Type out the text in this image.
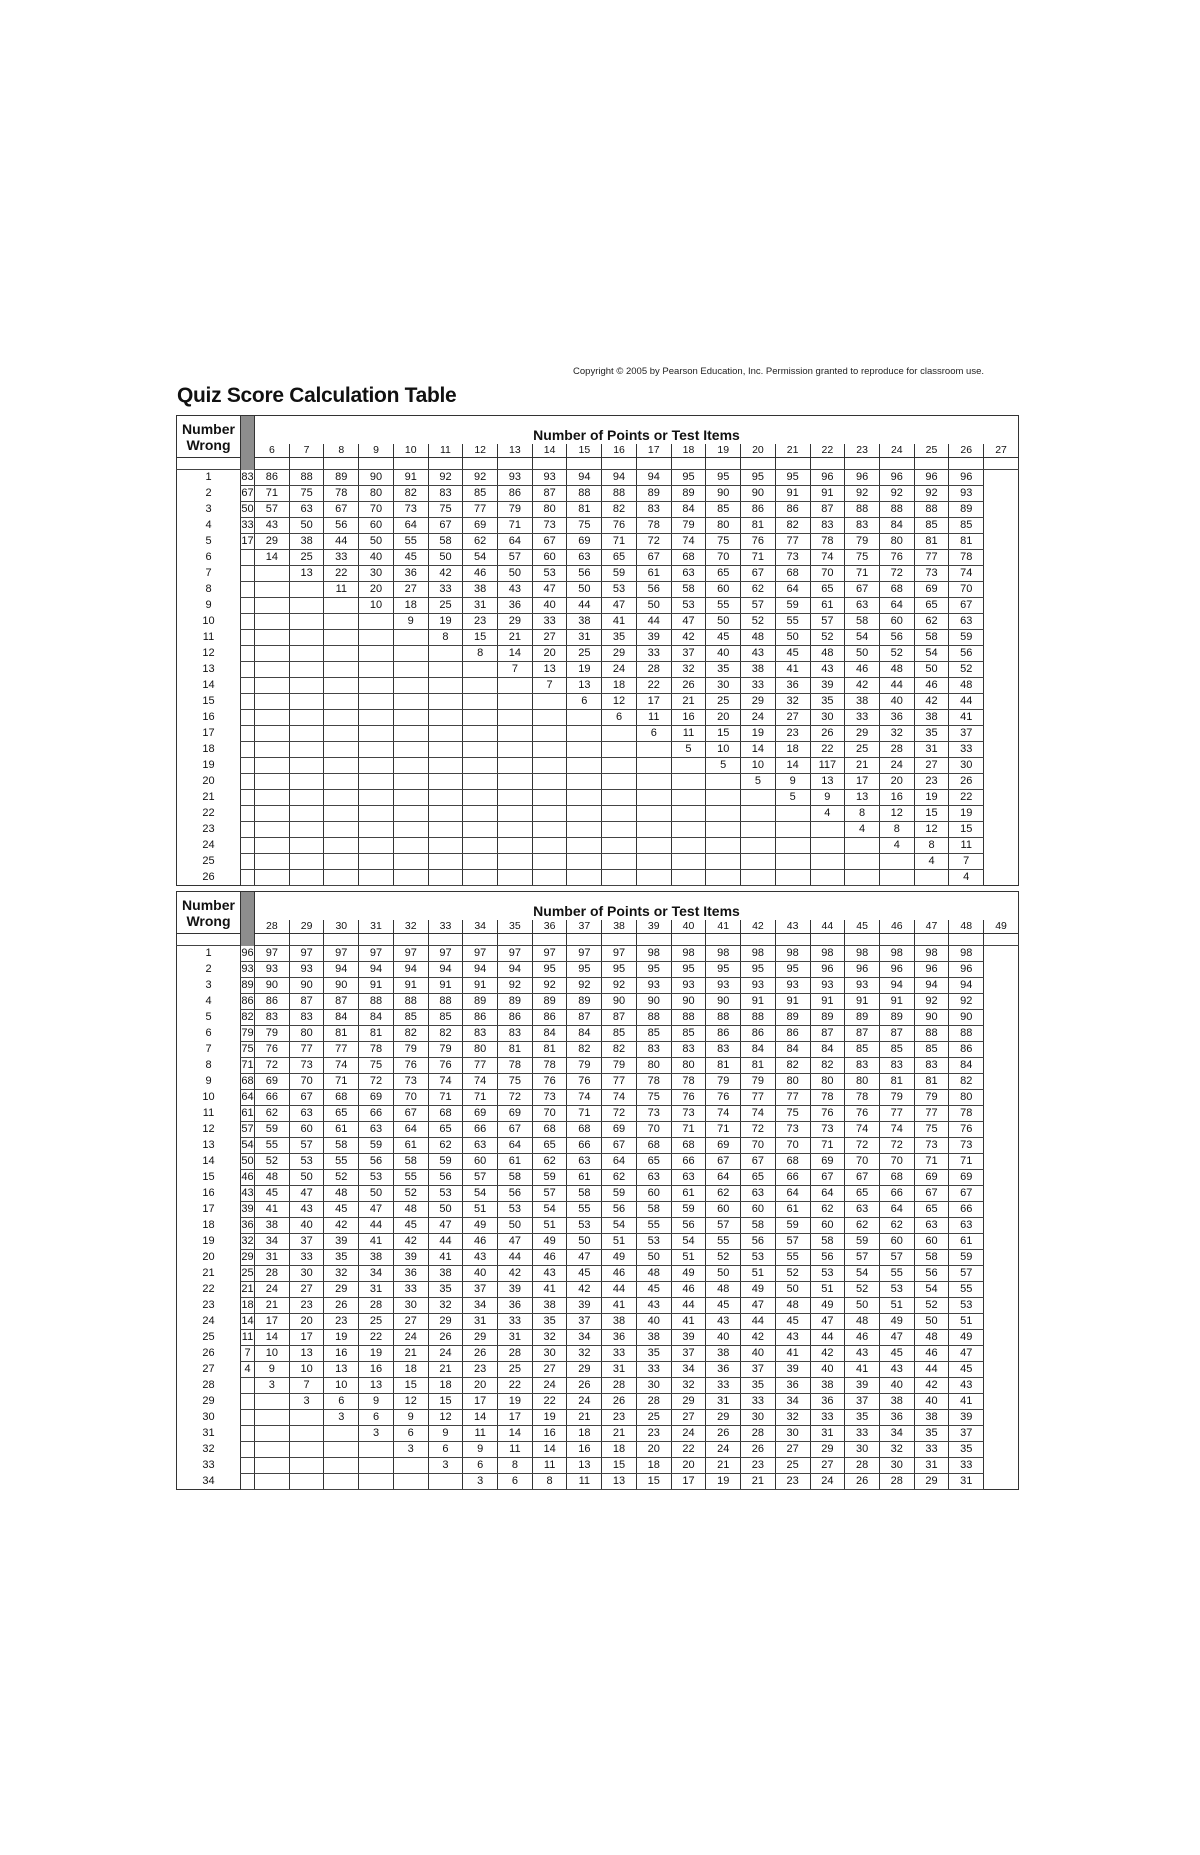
Copyright © 2005 by Pearson Education, Inc. Permission granted to reproduce for classroom use.
Quiz Score Calculation Table
Number
Wrong		Number of Points or Test Items																					
		6	7	8	9	10	11	12	13	14	15	16	17	18	19	20	21	22	23	24	25	26	27

1	83	86	88	89	90	91	92	92	93	93	94	94	94	95	95	95	95	96	96	96	96	96	
2	67	71	75	78	80	82	83	85	86	87	88	88	89	89	90	90	91	91	92	92	92	93	
3	50	57	63	67	70	73	75	77	79	80	81	82	83	84	85	86	86	87	88	88	88	89	
4	33	43	50	56	60	64	67	69	71	73	75	76	78	79	80	81	82	83	83	84	85	85	
5	17	29	38	44	50	55	58	62	64	67	69	71	72	74	75	76	77	78	79	80	81	81	
6		14	25	33	40	45	50	54	57	60	63	65	67	68	70	71	73	74	75	76	77	78	
7			13	22	30	36	42	46	50	53	56	59	61	63	65	67	68	70	71	72	73	74	
8				11	20	27	33	38	43	47	50	53	56	58	60	62	64	65	67	68	69	70	
9					10	18	25	31	36	40	44	47	50	53	55	57	59	61	63	64	65	67	
10						9	19	23	29	33	38	41	44	47	50	52	55	57	58	60	62	63	
11							8	15	21	27	31	35	39	42	45	48	50	52	54	56	58	59	
12								8	14	20	25	29	33	37	40	43	45	48	50	52	54	56	
13									7	13	19	24	28	32	35	38	41	43	46	48	50	52	
14										7	13	18	22	26	30	33	36	39	42	44	46	48	
15											6	12	17	21	25	29	32	35	38	40	42	44	
16												6	11	16	20	24	27	30	33	36	38	41	
17													6	11	15	19	23	26	29	32	35	37	
18														5	10	14	18	22	25	28	31	33	
19															5	10	14	117	21	24	27	30	
20																5	9	13	17	20	23	26	
21																	5	9	13	16	19	22	
22																		4	8	12	15	19	
23																			4	8	12	15	
24																				4	8	11	
25																					4	7	
26																						4	
Number
Wrong		Number of Points or Test Items																					
		28	29	30	31	32	33	34	35	36	37	38	39	40	41	42	43	44	45	46	47	48	49

1	96	97	97	97	97	97	97	97	97	97	97	97	98	98	98	98	98	98	98	98	98	98	
2	93	93	93	94	94	94	94	94	94	95	95	95	95	95	95	95	95	96	96	96	96	96	
3	89	90	90	90	91	91	91	91	92	92	92	92	93	93	93	93	93	93	93	94	94	94	
4	86	86	87	87	88	88	88	89	89	89	89	90	90	90	90	91	91	91	91	91	92	92	
5	82	83	83	84	84	85	85	86	86	86	87	87	88	88	88	88	89	89	89	89	90	90	
6	79	79	80	81	81	82	82	83	83	84	84	85	85	85	86	86	86	87	87	87	88	88	
7	75	76	77	77	78	79	79	80	81	81	82	82	83	83	83	84	84	84	85	85	85	86	
8	71	72	73	74	75	76	76	77	78	78	79	79	80	80	81	81	82	82	83	83	83	84	
9	68	69	70	71	72	73	74	74	75	76	76	77	78	78	79	79	80	80	80	81	81	82	
10	64	66	67	68	69	70	71	71	72	73	74	74	75	76	76	77	77	78	78	79	79	80	
11	61	62	63	65	66	67	68	69	69	70	71	72	73	73	74	74	75	76	76	77	77	78	
12	57	59	60	61	63	64	65	66	67	68	68	69	70	71	71	72	73	73	74	74	75	76	
13	54	55	57	58	59	61	62	63	64	65	66	67	68	68	69	70	70	71	72	72	73	73	
14	50	52	53	55	56	58	59	60	61	62	63	64	65	66	67	67	68	69	70	70	71	71	
15	46	48	50	52	53	55	56	57	58	59	61	62	63	63	64	65	66	67	67	68	69	69	
16	43	45	47	48	50	52	53	54	56	57	58	59	60	61	62	63	64	64	65	66	67	67	
17	39	41	43	45	47	48	50	51	53	54	55	56	58	59	60	60	61	62	63	64	65	66	
18	36	38	40	42	44	45	47	49	50	51	53	54	55	56	57	58	59	60	62	62	63	63	
19	32	34	37	39	41	42	44	46	47	49	50	51	53	54	55	56	57	58	59	60	60	61	
20	29	31	33	35	38	39	41	43	44	46	47	49	50	51	52	53	55	56	57	57	58	59	
21	25	28	30	32	34	36	38	40	42	43	45	46	48	49	50	51	52	53	54	55	56	57	
22	21	24	27	29	31	33	35	37	39	41	42	44	45	46	48	49	50	51	52	53	54	55	
23	18	21	23	26	28	30	32	34	36	38	39	41	43	44	45	47	48	49	50	51	52	53	
24	14	17	20	23	25	27	29	31	33	35	37	38	40	41	43	44	45	47	48	49	50	51	
25	11	14	17	19	22	24	26	29	31	32	34	36	38	39	40	42	43	44	46	47	48	49	
26	7	10	13	16	19	21	24	26	28	30	32	33	35	37	38	40	41	42	43	45	46	47	
27	4	9	10	13	16	18	21	23	25	27	29	31	33	34	36	37	39	40	41	43	44	45	
28		3	7	10	13	15	18	20	22	24	26	28	30	32	33	35	36	38	39	40	42	43	
29			3	6	9	12	15	17	19	22	24	26	28	29	31	33	34	36	37	38	40	41	
30				3	6	9	12	14	17	19	21	23	25	27	29	30	32	33	35	36	38	39	
31					3	6	9	11	14	16	18	21	23	24	26	28	30	31	33	34	35	37	
32						3	6	9	11	14	16	18	20	22	24	26	27	29	30	32	33	35	
33							3	6	8	11	13	15	18	20	21	23	25	27	28	30	31	33	
34								3	6	8	11	13	15	17	19	21	23	24	26	28	29	31	
